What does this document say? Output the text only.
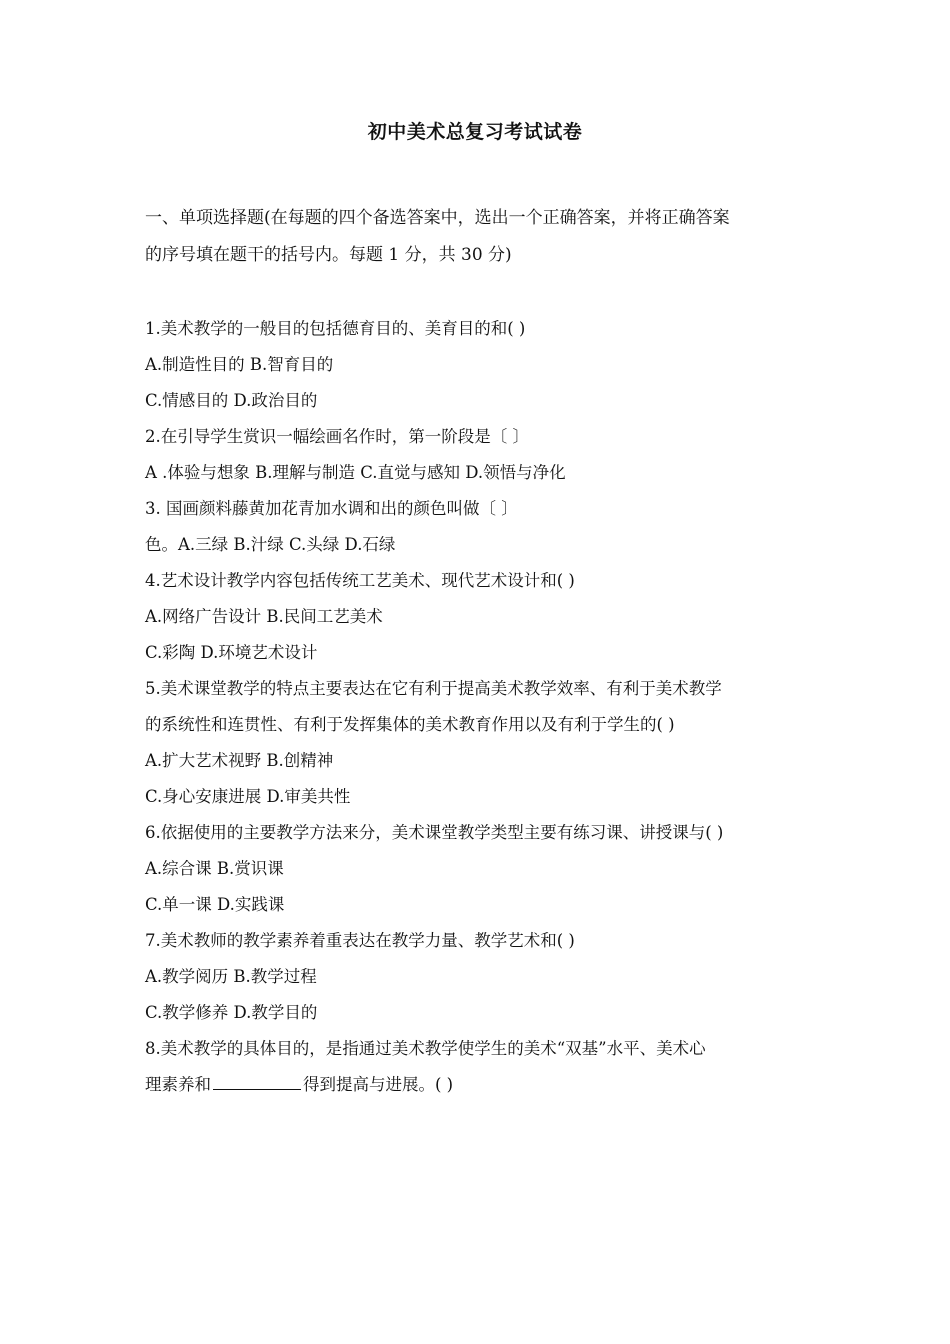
初中美术总复习考试试卷
一、单项选择题(在每题的四个备选答案中，选出一个正确答案，并将正确答案
的序号填在题干的括号内。每题 1 分，共 30 分)
1.美术教学的一般目的包括德育目的、美育目的和( )
A.制造性目的 B.智育目的
C.情感目的 D.政治目的
2.在引导学生赏识一幅绘画名作时，第一阶段是〔 〕
A .体验与想象 B.理解与制造 C.直觉与感知 D.领悟与净化
3. 国画颜料藤黄加花青加水调和出的颜色叫做〔 〕
色。A.三绿 B.汁绿 C.头绿 D.石绿
4.艺术设计教学内容包括传统工艺美术、现代艺术设计和( )
A.网络广告设计 B.民间工艺美术
C.彩陶 D.环境艺术设计
5.美术课堂教学的特点主要表达在它有利于提高美术教学效率、有利于美术教学
的系统性和连贯性、有利于发挥集体的美术教育作用以及有利于学生的( )
A.扩大艺术视野 B.创精神
C.身心安康进展 D.审美共性
6.依据使用的主要教学方法来分，美术课堂教学类型主要有练习课、讲授课与( )
A.综合课 B.赏识课
C.单一课 D.实践课
7.美术教师的教学素养着重表达在教学力量、教学艺术和( )
A.教学阅历 B.教学过程
C.教学修养 D.教学目的
8.美术教学的具体目的，是指通过美术教学使学生的美术“双基”水平、美术心
理素养和	得到提高与进展。( )
